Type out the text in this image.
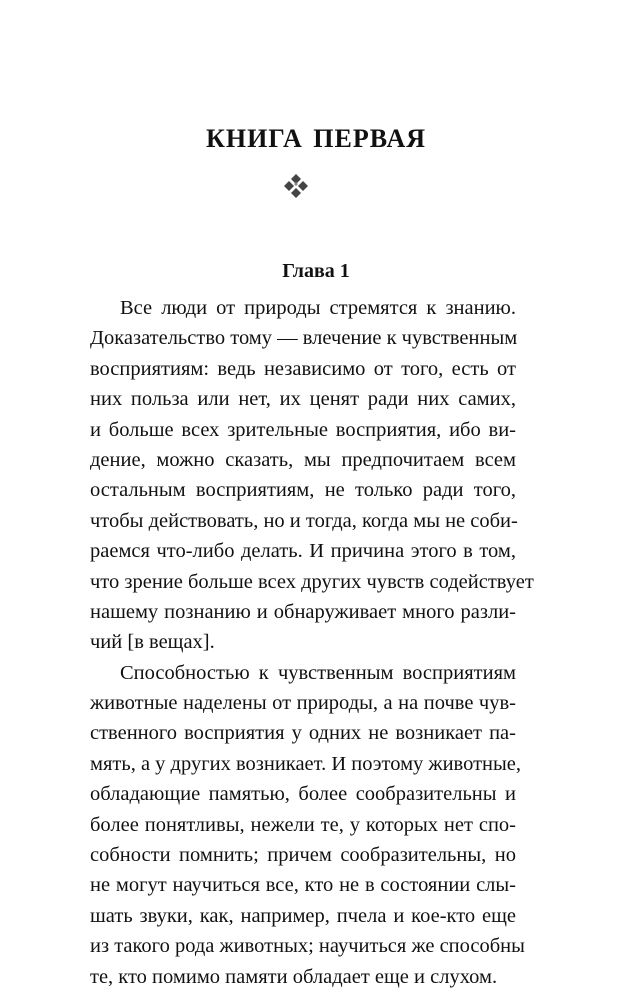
КНИГА ПЕРВАЯ
Глава 1
Все люди от природы стремятся к знанию.
Доказательство тому — влечение к чувственным
восприятиям: ведь независимо от того, есть от
них польза или нет, их ценят ради них самих,
и больше всех зрительные восприятия, ибо ви-
дение, можно сказать, мы предпочитаем всем
остальным восприятиям, не только ради того,
чтобы действовать, но и тогда, когда мы не соби-
раемся что-либо делать. И причина этого в том,
что зрение больше всех других чувств содействует
нашему познанию и обнаруживает много разли-
чий [в вещах].
Способностью к чувственным восприятиям
животные наделены от природы, а на почве чув-
ственного восприятия у одних не возникает па-
мять, а у других возникает. И поэтому животные,
обладающие памятью, более сообразительны и
более понятливы, нежели те, у которых нет спо-
собности помнить; причем сообразительны, но
не могут научиться все, кто не в состоянии слы-
шать звуки, как, например, пчела и кое-кто еще
из такого рода животных; научиться же способны
те, кто помимо памяти обладает еще и слухом.
